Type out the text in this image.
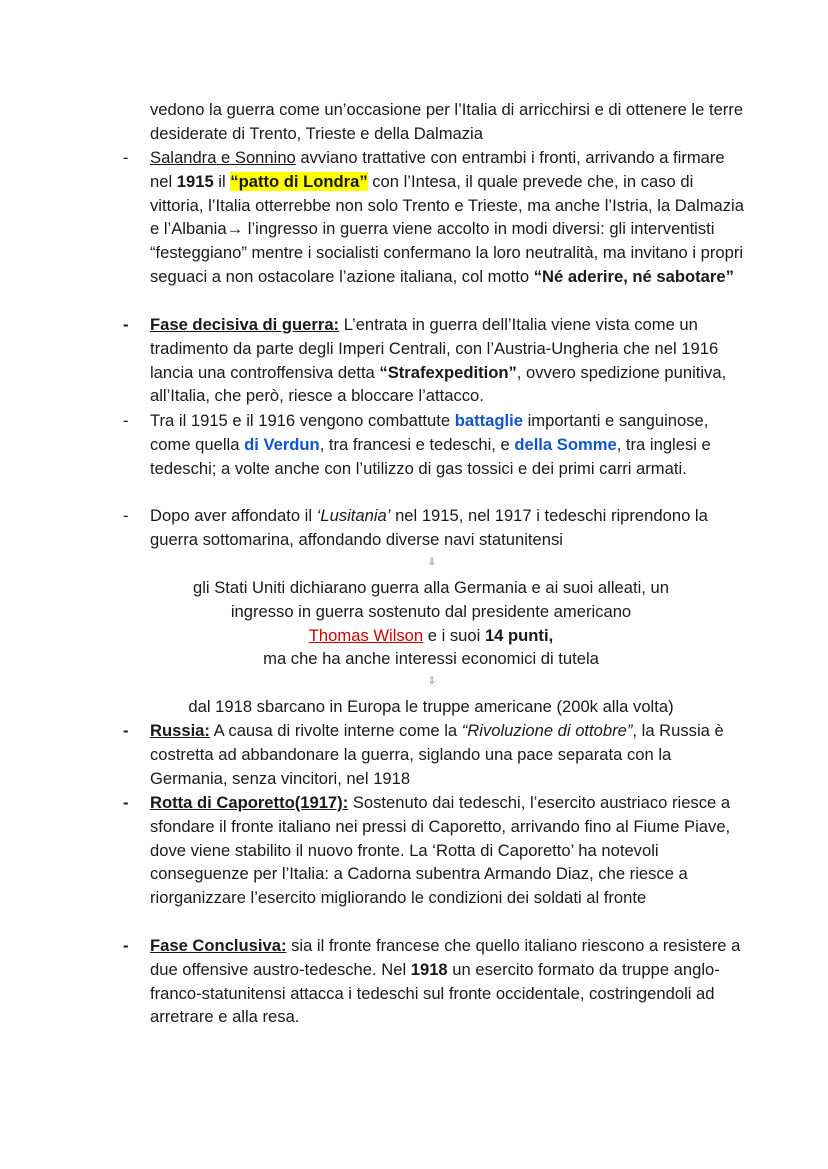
vedono la guerra come un’occasione per l’Italia di arricchirsi e di ottenere le terre desiderate di Trento, Trieste e della Dalmazia
- Salandra e Sonnino avviano trattative con entrambi i fronti, arrivando a firmare nel 1915 il “patto di Londra” con l’Intesa, il quale prevede che, in caso di vittoria, l’Italia otterrebbe non solo Trento e Trieste, ma anche l’Istria, la Dalmazia e l’Albania→ l’ingresso in guerra viene accolto in modi diversi: gli interventisti “festeggiano” mentre i socialisti confermano la loro neutralità, ma invitano i propri seguaci a non ostacolare l’azione italiana, col motto “Né aderire, né sabotare”
- Fase decisiva di guerra: L’entrata in guerra dell’Italia viene vista come un tradimento da parte degli Imperi Centrali, con l’Austria-Ungheria che nel 1916 lancia una controffensiva detta “Strafexpedition”, ovvero spedizione punitiva, all’Italia, che però, riesce a bloccare l’attacco.
- Tra il 1915 e il 1916 vengono combattute battaglie importanti e sanguinose, come quella di Verdun, tra francesi e tedeschi, e della Somme, tra inglesi e tedeschi; a volte anche con l’utilizzo di gas tossici e dei primi carri armati.
- Dopo aver affondato il ‘Lusitania’ nel 1915, nel 1917 i tedeschi riprendono la guerra sottomarina, affondando diverse navi statunitensi
⇩
gli Stati Uniti dichiarano guerra alla Germania e ai suoi alleati, un
ingresso in guerra sostenuto dal presidente americano
Thomas Wilson e i suoi 14 punti,
ma che ha anche interessi economici di tutela
⇩
dal 1918 sbarcano in Europa le truppe americane (200k alla volta)
- Russia: A causa di rivolte interne come la “Rivoluzione di ottobre”, la Russia è costretta ad abbandonare la guerra, siglando una pace separata con la Germania, senza vincitori, nel 1918
- Rotta di Caporetto(1917): Sostenuto dai tedeschi, l’esercito austriaco riesce a sfondare il fronte italiano nei pressi di Caporetto, arrivando fino al Fiume Piave, dove viene stabilito il nuovo fronte. La ‘Rotta di Caporetto’ ha notevoli conseguenze per l’Italia: a Cadorna subentra Armando Diaz, che riesce a riorganizzare l’esercito migliorando le condizioni dei soldati al fronte
- Fase Conclusiva: sia il fronte francese che quello italiano riescono a resistere a due offensive austro-tedesche. Nel 1918 un esercito formato da truppe anglo-franco-statunitensi attacca i tedeschi sul fronte occidentale, costringendoli ad arretrare e alla resa.
